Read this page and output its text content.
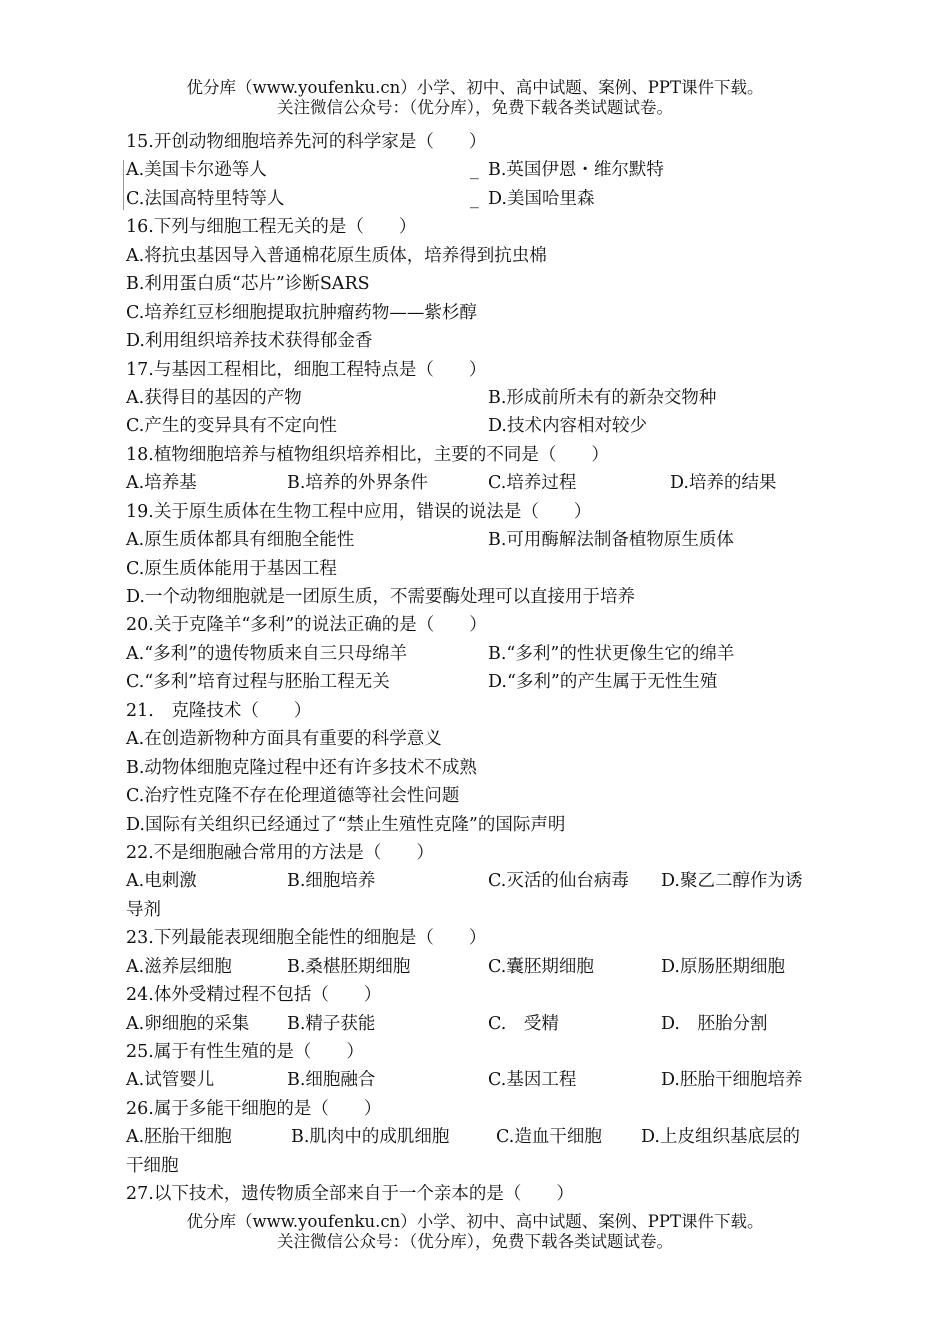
优分库（www.youfenku.cn）小学、初中、高中试题、案例、PPT课件下载。
关注微信公众号：（优分库），免费下载各类试题试卷。
15.开创动物细胞培养先河的科学家是（　　）
A.美国卡尔逊等人	_ B.英国伊恩・维尔默特
C.法国高特里特等人	_ D.美国哈里森
16.下列与细胞工程无关的是（　　）
A.将抗虫基因导入普通棉花原生质体，培养得到抗虫棉
B.利用蛋白质“芯片”诊断SARS
C.培养红豆杉细胞提取抗肿瘤药物——紫杉醇
D.利用组织培养技术获得郁金香
17.与基因工程相比，细胞工程特点是（　　）
A.获得目的基因的产物	B.形成前所未有的新杂交物种
C.产生的变异具有不定向性	D.技术内容相对较少
18.植物细胞培养与植物组织培养相比，主要的不同是（　　）
A.培养基	B.培养的外界条件	C.培养过程	D.培养的结果
19.关于原生质体在生物工程中应用，错误的说法是（　　）
A.原生质体都具有细胞全能性	B.可用酶解法制备植物原生质体
C.原生质体能用于基因工程
D.一个动物细胞就是一团原生质，不需要酶处理可以直接用于培养
20.关于克隆羊“多利”的说法正确的是（　　）
A.“多利”的遗传物质来自三只母绵羊	B.“多利”的性状更像生它的绵羊
C.“多利”培育过程与胚胎工程无关	D.“多利”的产生属于无性生殖
21.　克隆技术（　　）
A.在创造新物种方面具有重要的科学意义
B.动物体细胞克隆过程中还有许多技术不成熟
C.治疗性克隆不存在伦理道德等社会性问题
D.国际有关组织已经通过了“禁止生殖性克隆”的国际声明
22.不是细胞融合常用的方法是（　　）
A.电刺激	B.细胞培养	C.灭活的仙台病毒 D.聚乙二醇作为诱
导剂
23.下列最能表现细胞全能性的细胞是（　　）
A.滋养层细胞	B.桑椹胚期细胞	C.囊胚期细胞	D.原肠胚期细胞
24.体外受精过程不包括（　　）
A.卵细胞的采集 B.精子获能	C.　受精	D.　胚胎分割
25.属于有性生殖的是（　　）
A.试管婴儿	B.细胞融合	C.基因工程	D.胚胎干细胞培养
26.属于多能干细胞的是（　　）
A.胚胎干细胞	B.肌肉中的成肌细胞	C.造血干细胞 D.上皮组织基底层的
干细胞
27.以下技术，遗传物质全部来自于一个亲本的是（　　）
优分库（www.youfenku.cn）小学、初中、高中试题、案例、PPT课件下载。
关注微信公众号：（优分库），免费下载各类试题试卷。
